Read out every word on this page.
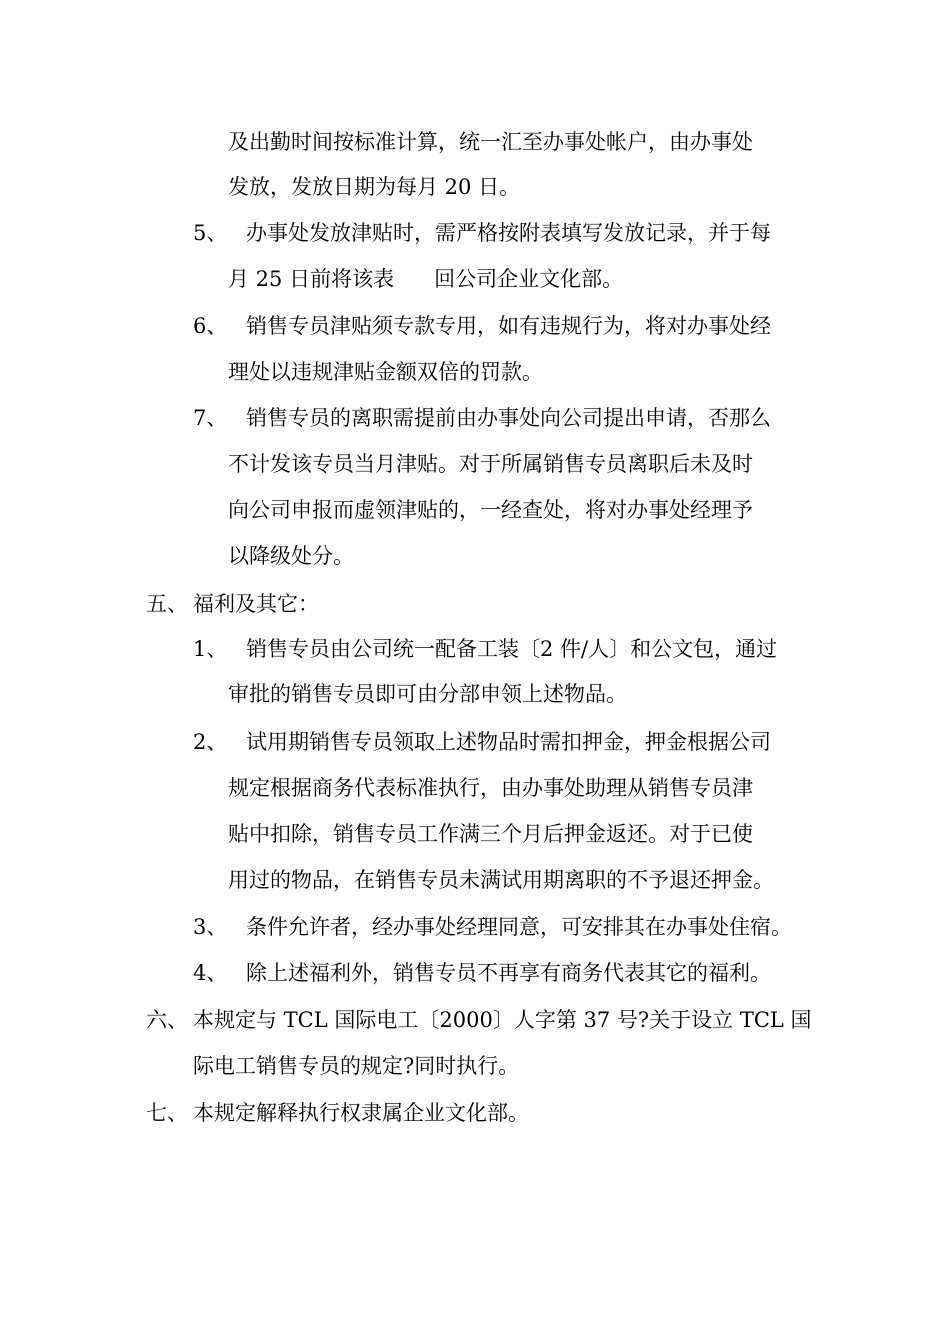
及出勤时间按标准计算，统一汇至办事处帐户，由办事处
发放，发放日期为每月 20 日。
5、 办事处发放津贴时，需严格按附表填写发放记录，并于每
月 25 日前将该表      回公司企业文化部。
6、 销售专员津贴须专款专用，如有违规行为，将对办事处经
理处以违规津贴金额双倍的罚款。
7、 销售专员的离职需提前由办事处向公司提出申请，否那么
不计发该专员当月津贴。对于所属销售专员离职后未及时
向公司申报而虚领津贴的，一经查处，将对办事处经理予
以降级处分。
五、 福利及其它：
1、 销售专员由公司统一配备工装〔2 件/人〕和公文包，通过
审批的销售专员即可由分部申领上述物品。
2、 试用期销售专员领取上述物品时需扣押金，押金根据公司
规定根据商务代表标准执行，由办事处助理从销售专员津
贴中扣除，销售专员工作满三个月后押金返还。对于已使
用过的物品，在销售专员未满试用期离职的不予退还押金。
3、 条件允许者，经办事处经理同意，可安排其在办事处住宿。
4、 除上述福利外，销售专员不再享有商务代表其它的福利。
六、 本规定与 TCL 国际电工〔2000〕人字第 37 号?关于设立 TCL 国
际电工销售专员的规定?同时执行。
七、 本规定解释执行权隶属企业文化部。
